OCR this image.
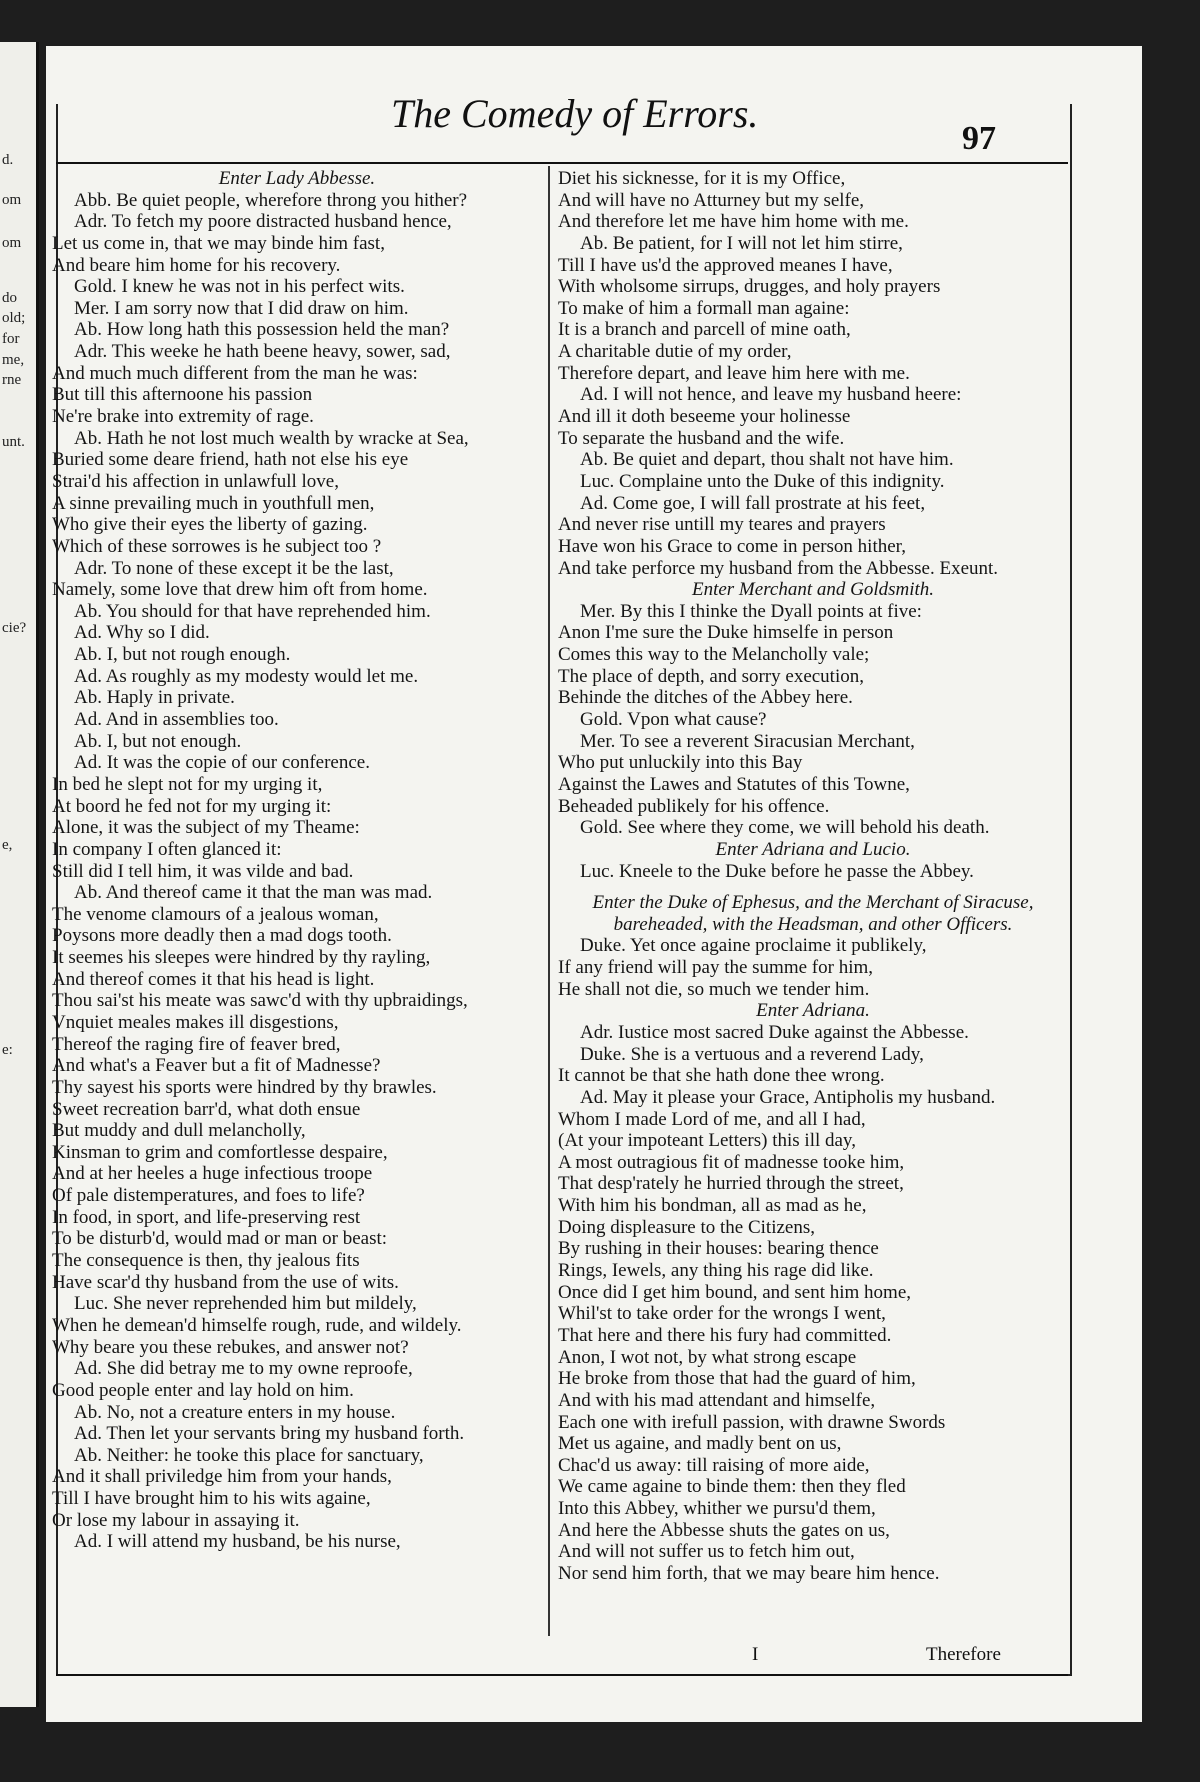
d.
om
om
do
old;
for
me,
rne
unt.
cie?
e,
e:
The Comedy of Errors.
97
Enter Lady Abbesse.
Abb. Be quiet people, wherefore throng you hither?
Adr. To fetch my poore distracted husband hence,
Let us come in, that we may binde him fast,
And beare him home for his recovery.
Gold. I knew he was not in his perfect wits.
Mer. I am sorry now that I did draw on him.
Ab. How long hath this possession held the man?
Adr. This weeke he hath beene heavy, sower, sad,
And much much different from the man he was:
But till this afternoone his passion
Ne're brake into extremity of rage.
Ab. Hath he not lost much wealth by wracke at Sea,
Buried some deare friend, hath not else his eye
Strai'd his affection in unlawfull love,
A sinne prevailing much in youthfull men,
Who give their eyes the liberty of gazing.
Which of these sorrowes is he subject too ?
Adr. To none of these except it be the last,
Namely, some love that drew him oft from home.
Ab. You should for that have reprehended him.
Ad. Why so I did.
Ab. I, but not rough enough.
Ad. As roughly as my modesty would let me.
Ab. Haply in private.
Ad. And in assemblies too.
Ab. I, but not enough.
Ad. It was the copie of our conference.
In bed he slept not for my urging it,
At boord he fed not for my urging it:
Alone, it was the subject of my Theame:
In company I often glanced it:
Still did I tell him, it was vilde and bad.
Ab. And thereof came it that the man was mad.
The venome clamours of a jealous woman,
Poysons more deadly then a mad dogs tooth.
It seemes his sleepes were hindred by thy rayling,
And thereof comes it that his head is light.
Thou sai'st his meate was sawc'd with thy upbraidings,
Vnquiet meales makes ill disgestions,
Thereof the raging fire of feaver bred,
And what's a Feaver but a fit of Madnesse?
Thy sayest his sports were hindred by thy brawles.
Sweet recreation barr'd, what doth ensue
But muddy and dull melancholly,
Kinsman to grim and comfortlesse despaire,
And at her heeles a huge infectious troope
Of pale distemperatures, and foes to life?
In food, in sport, and life-preserving rest
To be disturb'd, would mad or man or beast:
The consequence is then, thy jealous fits
Have scar'd thy husband from the use of wits.
Luc. She never reprehended him but mildely,
When he demean'd himselfe rough, rude, and wildely.
Why beare you these rebukes, and answer not?
Ad. She did betray me to my owne reproofe,
Good people enter and lay hold on him.
Ab. No, not a creature enters in my house.
Ad. Then let your servants bring my husband forth.
Ab. Neither: he tooke this place for sanctuary,
And it shall priviledge him from your hands,
Till I have brought him to his wits againe,
Or lose my labour in assaying it.
Ad. I will attend my husband, be his nurse,
Diet his sicknesse, for it is my Office,
And will have no Atturney but my selfe,
And therefore let me have him home with me.
Ab. Be patient, for I will not let him stirre,
Till I have us'd the approved meanes I have,
With wholsome sirrups, drugges, and holy prayers
To make of him a formall man againe:
It is a branch and parcell of mine oath,
A charitable dutie of my order,
Therefore depart, and leave him here with me.
Ad. I will not hence, and leave my husband heere:
And ill it doth beseeme your holinesse
To separate the husband and the wife.
Ab. Be quiet and depart, thou shalt not have him.
Luc. Complaine unto the Duke of this indignity.
Ad. Come goe, I will fall prostrate at his feet,
And never rise untill my teares and prayers
Have won his Grace to come in person hither,
And take perforce my husband from the Abbesse. Exeunt.
Enter Merchant and Goldsmith.
Mer. By this I thinke the Dyall points at five:
Anon I'me sure the Duke himselfe in person
Comes this way to the Melancholly vale;
The place of depth, and sorry execution,
Behinde the ditches of the Abbey here.
Gold. Vpon what cause?
Mer. To see a reverent Siracusian Merchant,
Who put unluckily into this Bay
Against the Lawes and Statutes of this Towne,
Beheaded publikely for his offence.
Gold. See where they come, we will behold his death.
Enter Adriana and Lucio.
Luc. Kneele to the Duke before he passe the Abbey.
Enter the Duke of Ephesus, and the Merchant of Siracuse,
bareheaded, with the Headsman, and other Officers.
Duke. Yet once againe proclaime it publikely,
If any friend will pay the summe for him,
He shall not die, so much we tender him.
Enter Adriana.
Adr. Iustice most sacred Duke against the Abbesse.
Duke. She is a vertuous and a reverend Lady,
It cannot be that she hath done thee wrong.
Ad. May it please your Grace, Antipholis my husband.
Whom I made Lord of me, and all I had,
(At your impoteant Letters) this ill day,
A most outragious fit of madnesse tooke him,
That desp'rately he hurried through the street,
With him his bondman, all as mad as he,
Doing displeasure to the Citizens,
By rushing in their houses: bearing thence
Rings, Iewels, any thing his rage did like.
Once did I get him bound, and sent him home,
Whil'st to take order for the wrongs I went,
That here and there his fury had committed.
Anon, I wot not, by what strong escape
He broke from those that had the guard of him,
And with his mad attendant and himselfe,
Each one with irefull passion, with drawne Swords
Met us againe, and madly bent on us,
Chac'd us away: till raising of more aide,
We came againe to binde them: then they fled
Into this Abbey, whither we pursu'd them,
And here the Abbesse shuts the gates on us,
And will not suffer us to fetch him out,
Nor send him forth, that we may beare him hence.
I	Therefore
